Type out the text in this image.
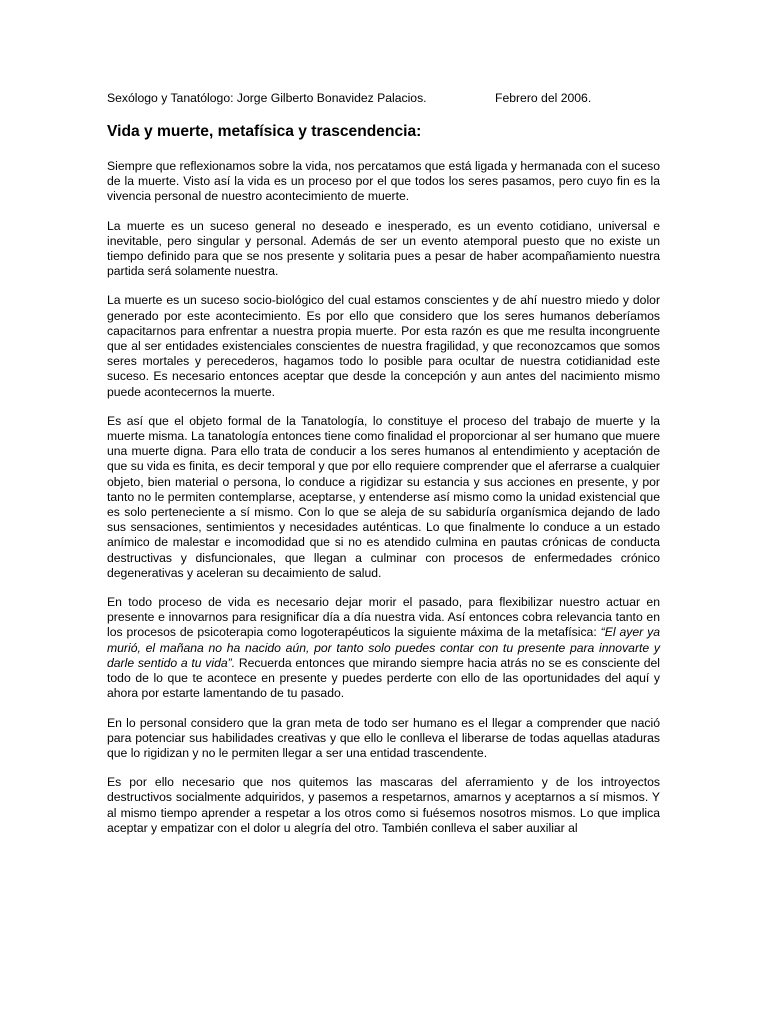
Sexólogo y Tanatólogo: Jorge Gilberto Bonavidez Palacios.	Febrero del 2006.
Vida y muerte, metafísica y trascendencia:

Siempre que reflexionamos sobre la vida, nos percatamos que está ligada y hermanada con el suceso de la muerte. Visto así la vida es un proceso por el que todos los seres pasamos, pero cuyo fin es la vivencia personal de nuestro acontecimiento de muerte.

La muerte es un suceso general no deseado e inesperado, es un evento cotidiano, universal e inevitable, pero singular y personal. Además de ser un evento atemporal puesto que no existe un tiempo definido para que se nos presente y solitaria pues a pesar de haber acompañamiento nuestra partida será solamente nuestra.

La muerte es un suceso socio-biológico del cual estamos conscientes y de ahí nuestro miedo y dolor generado por este acontecimiento. Es por ello que considero que los seres humanos deberíamos capacitarnos para enfrentar a nuestra propia muerte. Por esta razón es que me resulta incongruente que al ser entidades existenciales conscientes de nuestra fragilidad, y que reconozcamos que somos seres mortales y perecederos, hagamos todo lo posible para ocultar de nuestra cotidianidad este suceso. Es necesario entonces aceptar que desde la concepción y aun antes del nacimiento mismo puede acontecernos la muerte.

Es así que el objeto formal de la Tanatología, lo constituye el proceso del trabajo de muerte y la muerte misma. La tanatología entonces tiene como finalidad el proporcionar al ser humano que muere una muerte digna. Para ello trata de conducir a los seres humanos al entendimiento y aceptación de que su vida es finita, es decir temporal y que por ello requiere comprender que el aferrarse a cualquier objeto, bien material o persona, lo conduce a rigidizar su estancia y sus acciones en presente, y por tanto no le permiten contemplarse, aceptarse, y entenderse así mismo como la unidad existencial que es solo perteneciente a sí mismo. Con lo que se aleja de su sabiduría organísmica dejando de lado sus sensaciones, sentimientos y necesidades auténticas. Lo que finalmente lo conduce a un estado anímico de malestar e incomodidad que si no es atendido culmina en pautas crónicas de conducta destructivas y disfuncionales, que llegan a culminar con procesos de enfermedades crónico degenerativas y aceleran su decaimiento de salud.

En todo proceso de vida es necesario dejar morir el pasado, para flexibilizar nuestro actuar en presente e innovarnos para resignificar día a día nuestra vida. Así entonces cobra relevancia tanto en los procesos de psicoterapia como logoterapéuticos la siguiente máxima de la metafísica: “El ayer ya murió, el mañana no ha nacido aún, por tanto solo puedes contar con tu presente para innovarte y darle sentido a tu vida”. Recuerda entonces que mirando siempre hacia atrás no se es consciente del todo de lo que te acontece en presente y puedes perderte con ello de las oportunidades del aquí y ahora por estarte lamentando de tu pasado.

En lo personal considero que la gran meta de todo ser humano es el llegar a comprender que nació para potenciar sus habilidades creativas y que ello le conlleva el liberarse de todas aquellas ataduras que lo rigidizan y no le permiten llegar a ser una entidad trascendente.

Es por ello necesario que nos quitemos las mascaras del aferramiento y de los introyectos destructivos socialmente adquiridos, y pasemos a respetarnos, amarnos y aceptarnos a sí mismos. Y al mismo tiempo aprender a respetar a los otros como si fuésemos nosotros mismos. Lo que implica aceptar y empatizar con el dolor u alegría del otro. También conlleva el saber auxiliar al
